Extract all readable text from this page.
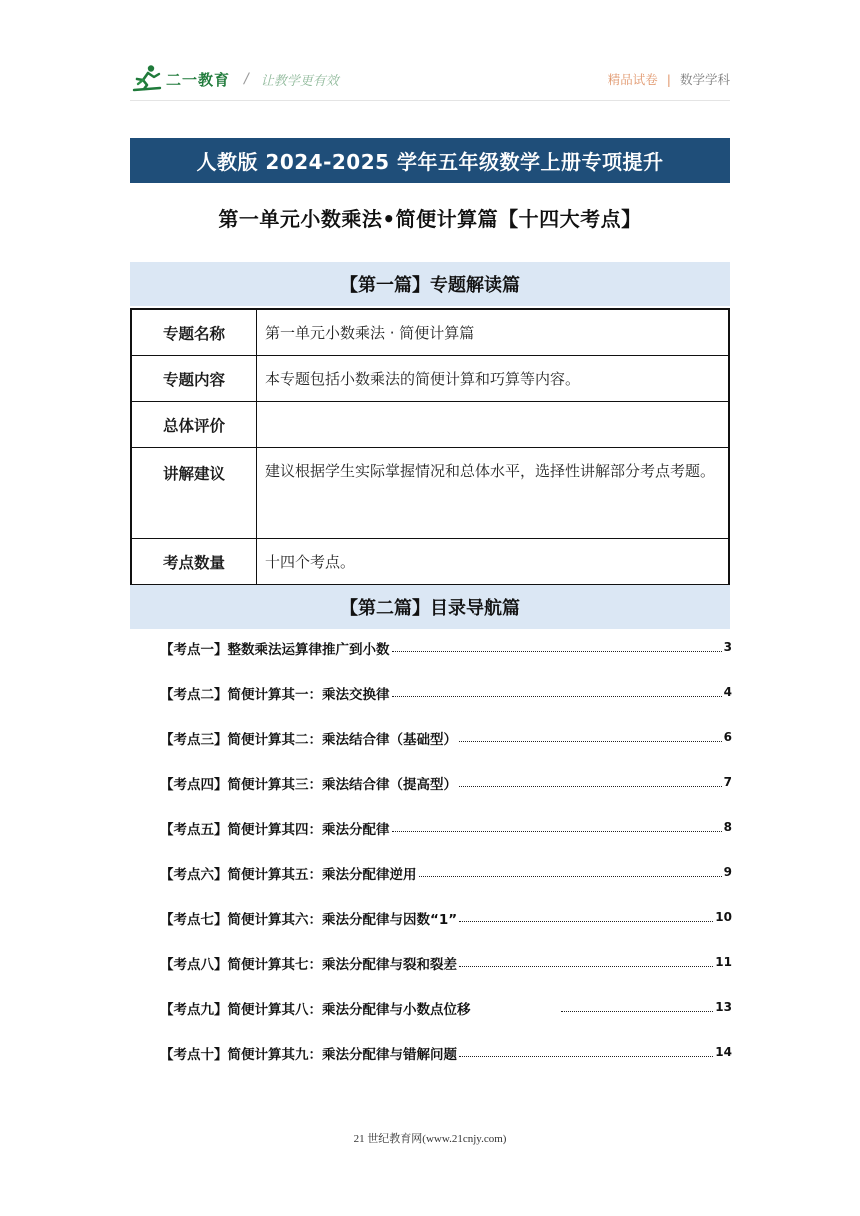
二一教育 / 让教学更有效	精品试卷 | 数学学科
人教版 2024-2025 学年五年级数学上册专项提升
第一单元小数乘法•简便计算篇【十四大考点】
【第一篇】专题解读篇
专题名称	第一单元小数乘法 · 简便计算篇
专题内容	本专题包括小数乘法的简便计算和巧算等内容。
总体评价	
讲解建议	建议根据学生实际掌握情况和总体水平，选择性讲解部分考点考题。
考点数量	十四个考点。
【第二篇】目录导航篇
【考点一】整数乘法运算律推广到小数	3
【考点二】简便计算其一：乘法交换律	4
【考点三】简便计算其二：乘法结合律（基础型）	6
【考点四】简便计算其三：乘法结合律（提高型）	7
【考点五】简便计算其四：乘法分配律	8
【考点六】简便计算其五：乘法分配律逆用	9
【考点七】简便计算其六：乘法分配律与因数“1”	10
【考点八】简便计算其七：乘法分配律与裂和裂差	11
【考点九】简便计算其八：乘法分配律与小数点位移	13
【考点十】简便计算其九：乘法分配律与错解问题	14
21 世纪教育网(www.21cnjy.com)
